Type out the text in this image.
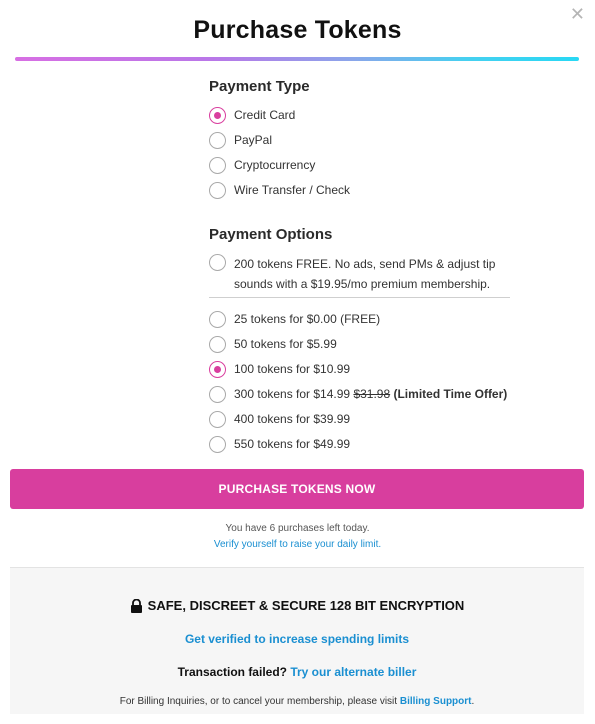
✕
Purchase Tokens
Payment Type
Credit Card
PayPal
Cryptocurrency
Wire Transfer / Check
Payment Options
200 tokens FREE. No ads, send PMs & adjust tip sounds with a $19.95/mo premium membership.
25 tokens for $0.00 (FREE)
50 tokens for $5.99
100 tokens for $10.99
300 tokens for $14.99
$31.98
(Limited Time Offer)
400 tokens for $39.99
550 tokens for $49.99
PURCHASE TOKENS NOW
You have 6 purchases left today.
Verify yourself to raise your daily limit.
SAFE, DISCREET & SECURE 128 BIT ENCRYPTION
Get verified to increase spending limits
Transaction failed? Try our alternate biller
For Billing Inquiries, or to cancel your membership, please visit Billing Support.
